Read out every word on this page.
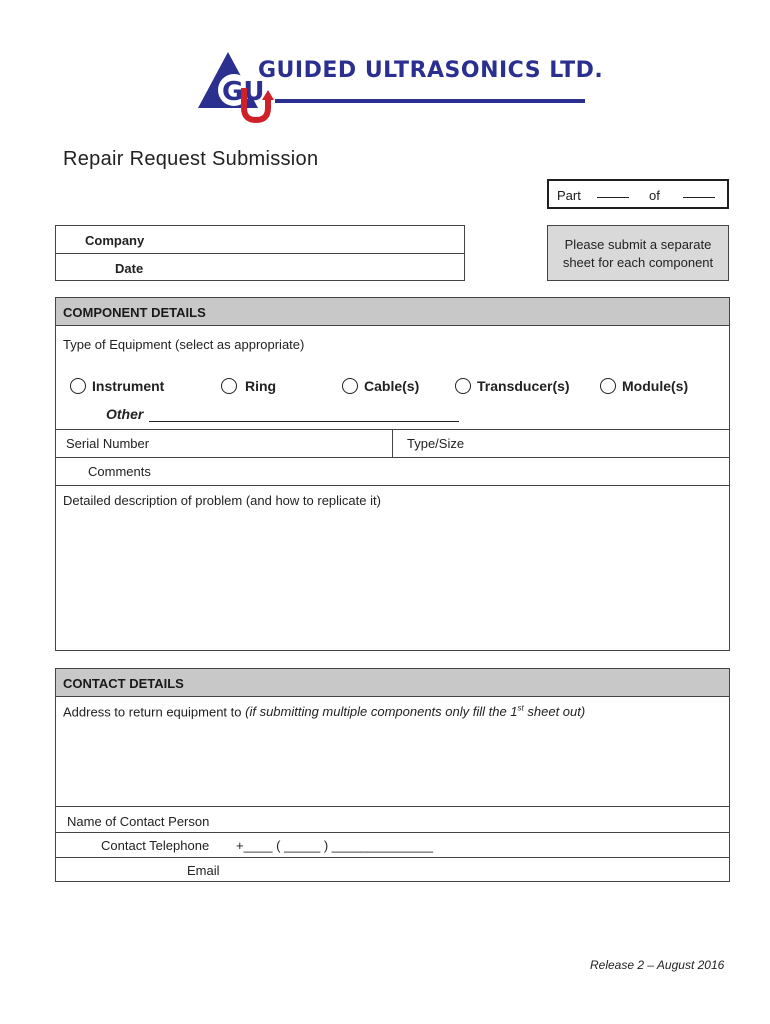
GU
GUIDED ULTRASONICS LTD.
Repair Request Submission
Part	of
Company
Date
Please submit a separate
sheet for each component
COMPONENT DETAILS
Type of Equipment (select as appropriate)
Instrument	Ring	Cable(s)	Transducer(s)	Module(s)
Other
Serial Number	Type/Size
Comments
Detailed description of problem (and how to replicate it)
CONTACT DETAILS
Address to return equipment to (if submitting multiple components only fill the 1st sheet out)
Name of Contact Person
Contact Telephone +____ ( _____ ) ______________
Email
Release 2 – August 2016
